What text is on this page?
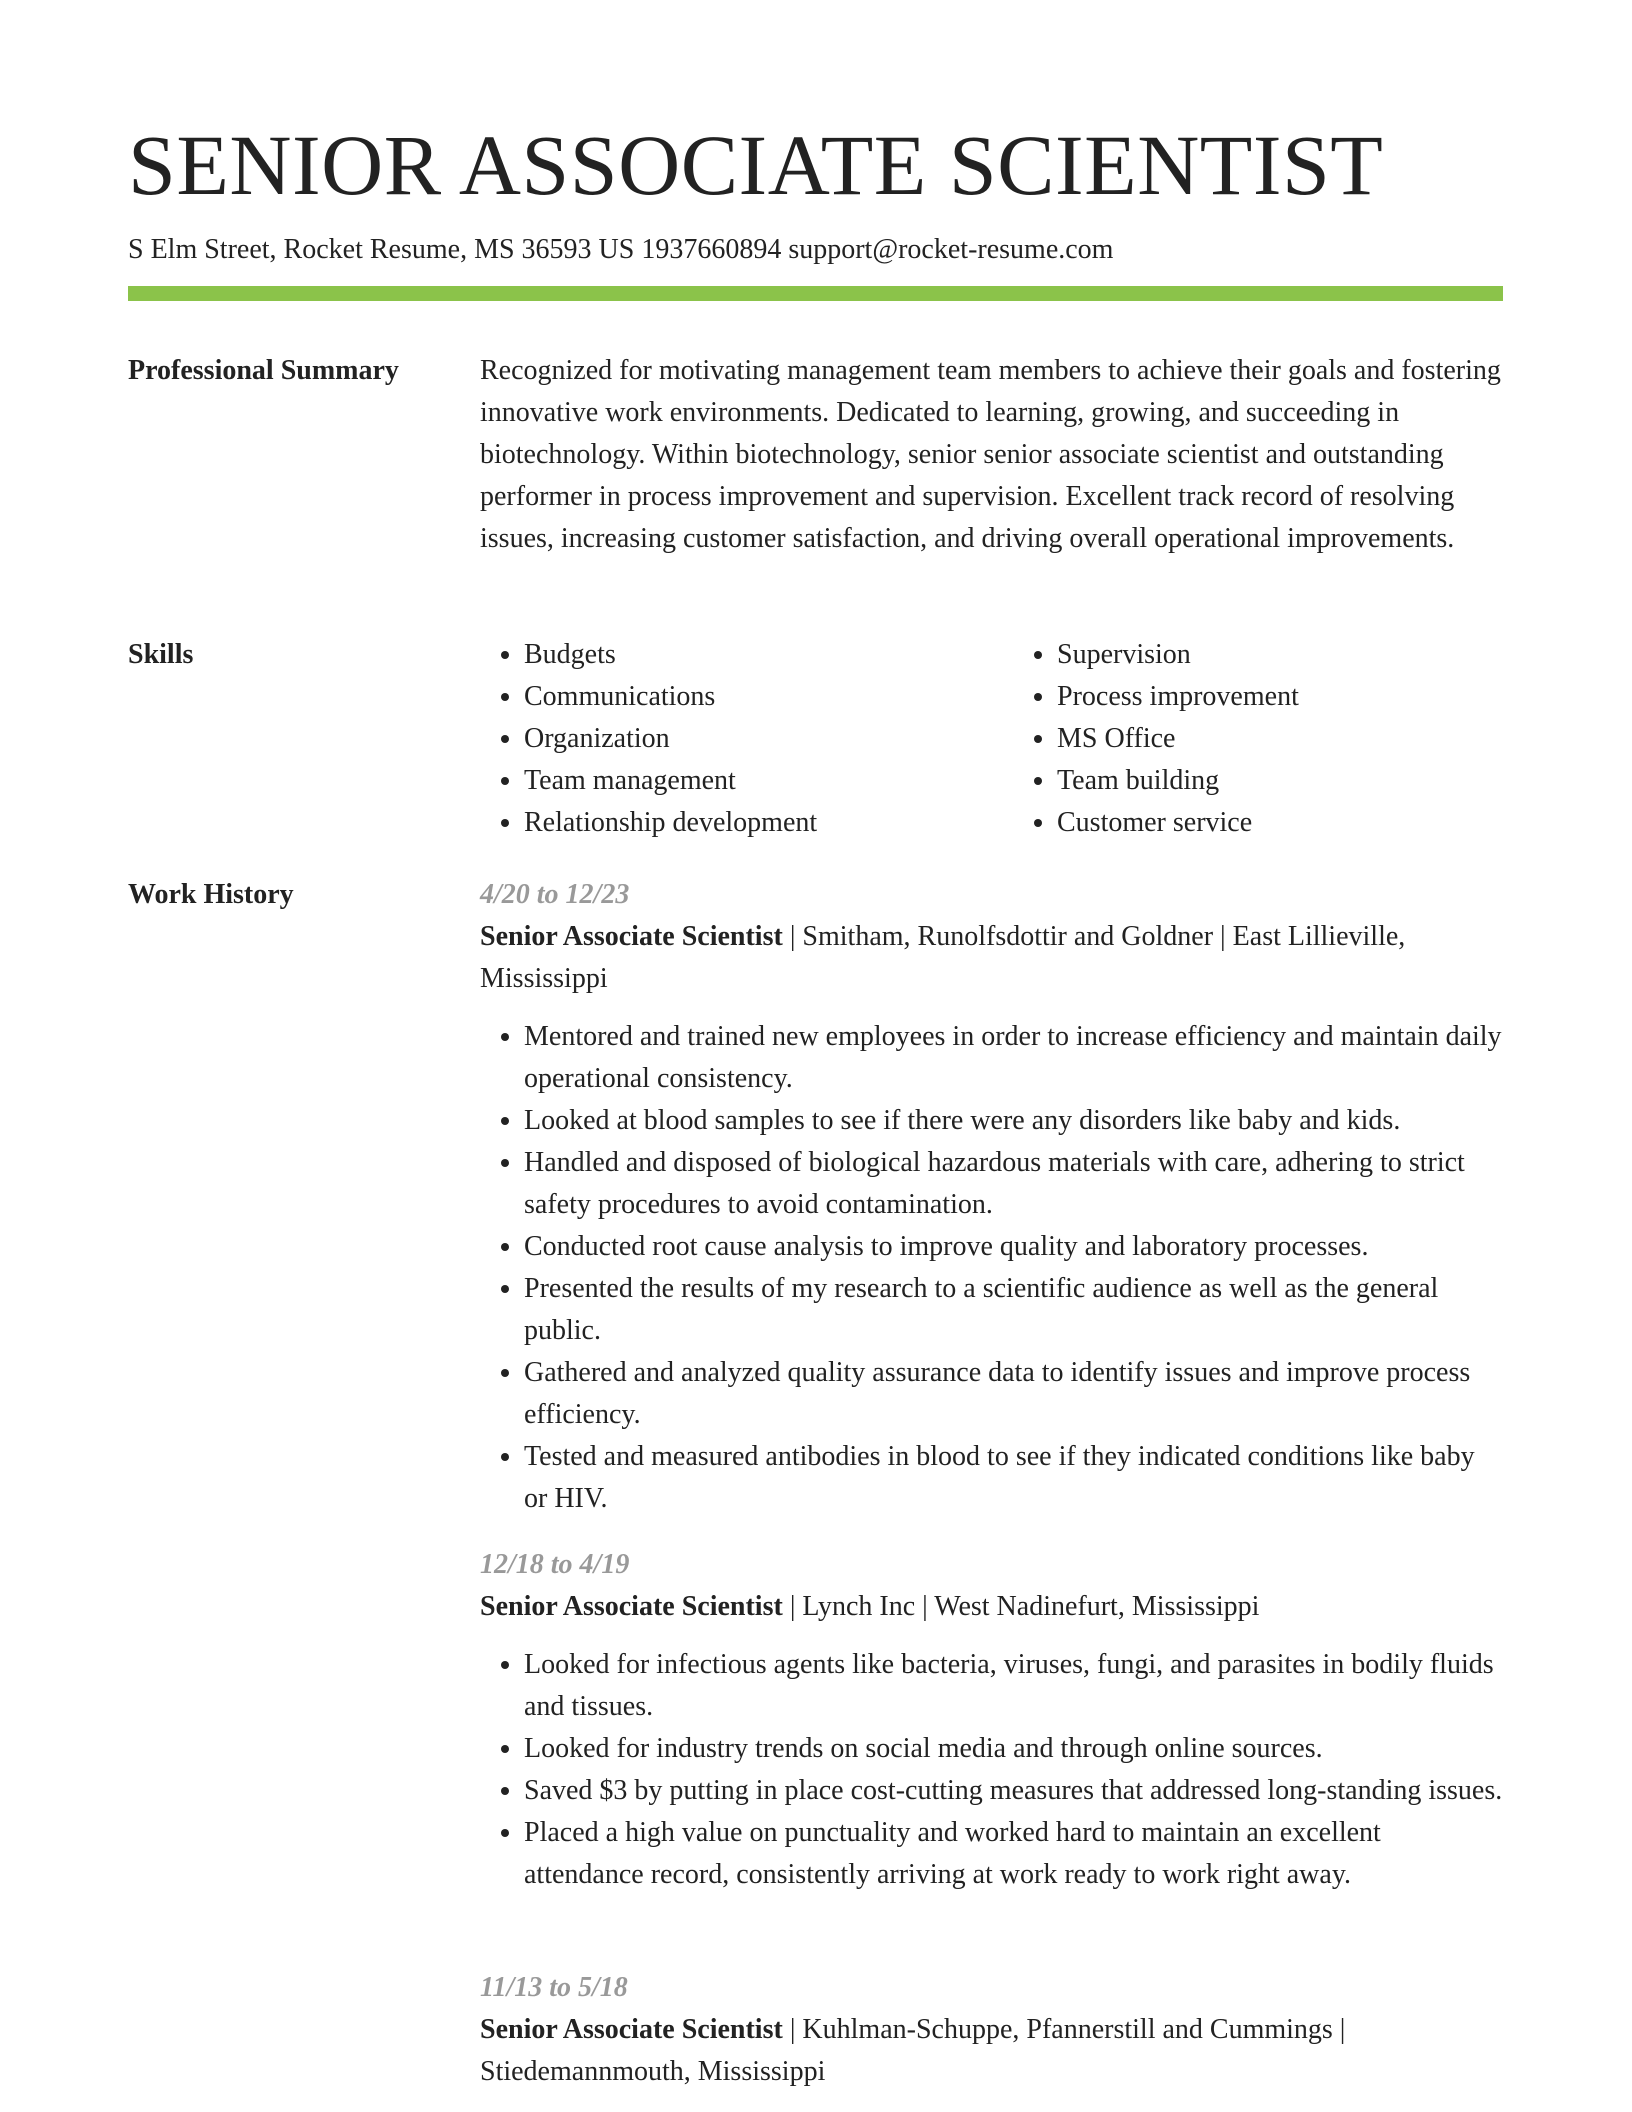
SENIOR ASSOCIATE SCIENTIST
S Elm Street, Rocket Resume, MS 36593 US 1937660894 support@rocket-resume.com
Professional Summary	Recognized for motivating management team members to achieve their goals and fostering innovative work environments. Dedicated to learning, growing, and succeeding in biotechnology. Within biotechnology, senior senior associate scientist and outstanding performer in process improvement and supervision. Excellent track record of resolving issues, increasing customer satisfaction, and driving overall operational improvements.

Skills
•	Budgets
• Communications
• Organization
• Team management
• Relationship development
• Supervision
• Process improvement
• MS Office
• Team building
• Customer service
Work History	4/20 to 12/23
Senior Associate Scientist | Smitham, Runolfsdottir and Goldner | East Lillieville, Mississippi
• Mentored and trained new employees in order to increase efficiency and maintain daily operational consistency.
• Looked at blood samples to see if there were any disorders like baby and kids.
• Handled and disposed of biological hazardous materials with care, adhering to strict safety procedures to avoid contamination.
• Conducted root cause analysis to improve quality and laboratory processes.
• Presented the results of my research to a scientific audience as well as the general public.
• Gathered and analyzed quality assurance data to identify issues and improve process efficiency.
• Tested and measured antibodies in blood to see if they indicated conditions like baby or HIV.
12/18 to 4/19
Senior Associate Scientist | Lynch Inc | West Nadinefurt, Mississippi
• Looked for infectious agents like bacteria, viruses, fungi, and parasites in bodily fluids and tissues.
• Looked for industry trends on social media and through online sources.
• Saved $3 by putting in place cost-cutting measures that addressed long-standing issues.
• Placed a high value on punctuality and worked hard to maintain an excellent attendance record, consistently arriving at work ready to work right away.
11/13 to 5/18
Senior Associate Scientist | Kuhlman-Schuppe, Pfannerstill and Cummings | Stiedemannmouth, Mississippi
